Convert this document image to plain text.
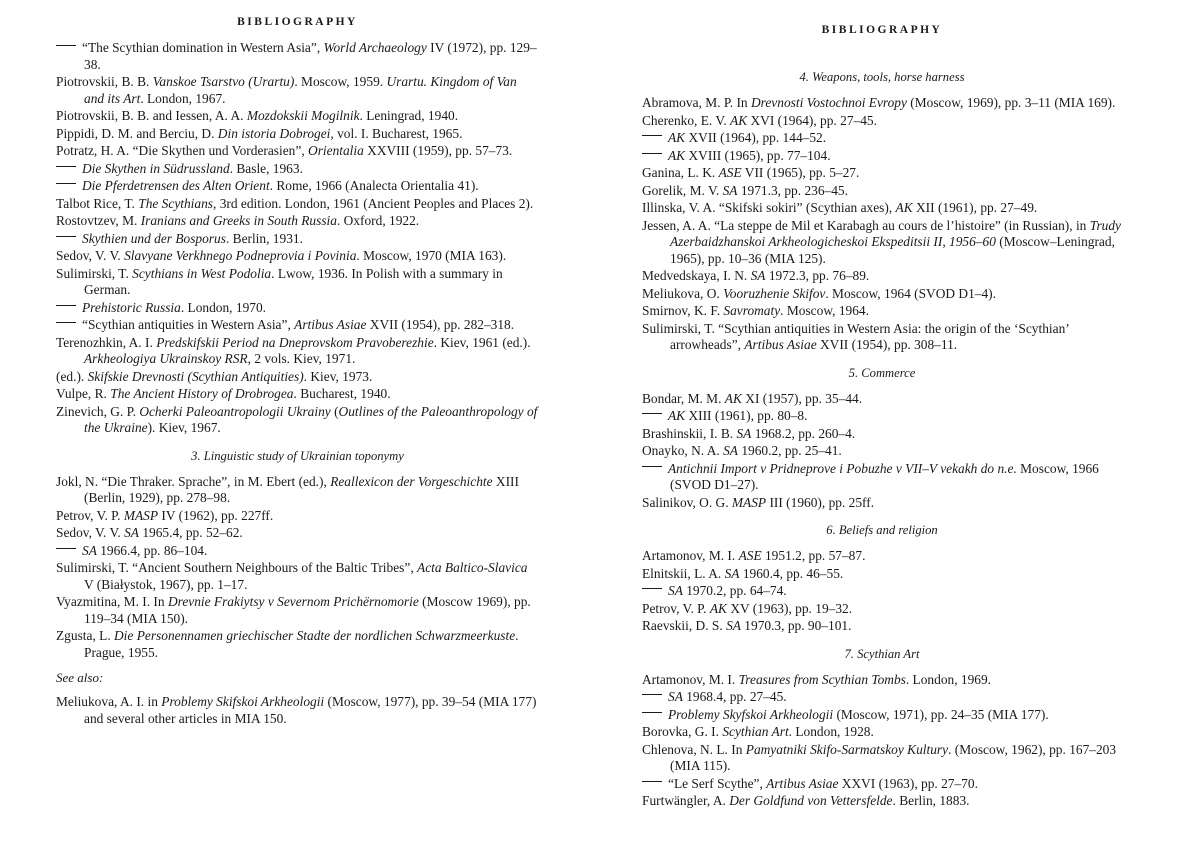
BIBLIOGRAPHY

“The Scythian domination in Western Asia”, World Archaeology IV (1972), pp. 129–38.

Piotrovskii, B. B. Vanskoe Tsarstvo (Urartu). Moscow, 1959. Urartu. Kingdom of Van and its Art. London, 1967.

Piotrovskii, B. B. and Iessen, A. A. Mozdokskii Mogilnik. Leningrad, 1940.

Pippidi, D. M. and Berciu, D. Din istoria Dobrogei, vol. I. Bucharest, 1965.

Potratz, H. A. “Die Skythen und Vorderasien”, Orientalia XXVIII (1959), pp. 57–73.

Die Skythen in Südrussland. Basle, 1963.

Die Pferdetrensen des Alten Orient. Rome, 1966 (Analecta Orientalia 41).

Talbot Rice, T. The Scythians, 3rd edition. London, 1961 (Ancient Peoples and Places 2).

Rostovtzev, M. Iranians and Greeks in South Russia. Oxford, 1922.

Skythien und der Bosporus. Berlin, 1931.

Sedov, V. V. Slavyane Verkhnego Podneprovia i Povinia. Moscow, 1970 (MIA 163).

Sulimirski, T. Scythians in West Podolia. Lwow, 1936. In Polish with a summary in German.

Prehistoric Russia. London, 1970.

“Scythian antiquities in Western Asia”, Artibus Asiae XVII (1954), pp. 282–318.

Terenozhkin, A. I. Predskifskii Period na Dneprovskom Pravoberezhie. Kiev, 1961 (ed.). Arkheologiya Ukrainskoy RSR, 2 vols. Kiev, 1971.

(ed.). Skifskie Drevnosti (Scythian Antiquities). Kiev, 1973.

Vulpe, R. The Ancient History of Drobrogea. Bucharest, 1940.

Zinevich, G. P. Ocherki Paleoantropologii Ukrainy (Outlines of the Paleoanthropology of the Ukraine). Kiev, 1967.

3. Linguistic study of Ukrainian toponymy

Jokl, N. “Die Thraker. Sprache”, in M. Ebert (ed.), Reallexicon der Vorgeschichte XIII (Berlin, 1929), pp. 278–98.

Petrov, V. P. MASP IV (1962), pp. 227ff.

Sedov, V. V. SA 1965.4, pp. 52–62.

SA 1966.4, pp. 86–104.

Sulimirski, T. “Ancient Southern Neighbours of the Baltic Tribes”, Acta Baltico-Slavica V (Białystok, 1967), pp. 1–17.

Vyazmitina, M. I. In Drevnie Frakiytsy v Severnom Prichërnomorie (Moscow 1969), pp. 119–34 (MIA 150).

Zgusta, L. Die Personennamen griechischer Stadte der nordlichen Schwarzmeerkuste. Prague, 1955.

See also:

Meliukova, A. I. in Problemy Skifskoi Arkheologii (Moscow, 1977), pp. 39–54 (MIA 177) and several other articles in MIA 150.

BIBLIOGRAPHY
4. Weapons, tools, horse harness

Abramova, M. P. In Drevnosti Vostochnoi Evropy (Moscow, 1969), pp. 3–11 (MIA 169).

Cherenko, E. V. AK XVI (1964), pp. 27–45.

AK XVII (1964), pp. 144–52.

AK XVIII (1965), pp. 77–104.

Ganina, L. K. ASE VII (1965), pp. 5–27.

Gorelik, M. V. SA 1971.3, pp. 236–45.

Illinska, V. A. “Skifski sokiri” (Scythian axes), AK XII (1961), pp. 27–49.

Jessen, A. A. “La steppe de Mil et Karabagh au cours de l’histoire” (in Russian), in Trudy Azerbaidzhanskoi Arkheologicheskoi Ekspeditsii II, 1956–60 (Moscow–Leningrad, 1965), pp. 10–36 (MIA 125).

Medvedskaya, I. N. SA 1972.3, pp. 76–89.

Meliukova, O. Vooruzhenie Skifov. Moscow, 1964 (SVOD D1–4).

Smirnov, K. F. Savromaty. Moscow, 1964.

Sulimirski, T. “Scythian antiquities in Western Asia: the origin of the ‘Scythian’ arrowheads”, Artibus Asiae XVII (1954), pp. 308–11.

5. Commerce

Bondar, M. M. AK XI (1957), pp. 35–44.

AK XIII (1961), pp. 80–8.

Brashinskii, I. B. SA 1968.2, pp. 260–4.

Onayko, N. A. SA 1960.2, pp. 25–41.

Antichnii Import v Pridneprove i Pobuzhe v VII–V vekakh do n.e. Moscow, 1966 (SVOD D1–27).

Salinikov, O. G. MASP III (1960), pp. 25ff.

6. Beliefs and religion

Artamonov, M. I. ASE 1951.2, pp. 57–87.

Elnitskii, L. A. SA 1960.4, pp. 46–55.

SA 1970.2, pp. 64–74.

Petrov, V. P. AK XV (1963), pp. 19–32.

Raevskii, D. S. SA 1970.3, pp. 90–101.

7. Scythian Art

Artamonov, M. I. Treasures from Scythian Tombs. London, 1969.

SA 1968.4, pp. 27–45.

Problemy Skyfskoi Arkheologii (Moscow, 1971), pp. 24–35 (MIA 177).

Borovka, G. I. Scythian Art. London, 1928.

Chlenova, N. L. In Pamyatniki Skifo-Sarmatskoy Kultury. (Moscow, 1962), pp. 167–203 (MIA 115).

“Le Serf Scythe”, Artibus Asiae XXVI (1963), pp. 27–70.

Furtwängler, A. Der Goldfund von Vettersfelde. Berlin, 1883.
